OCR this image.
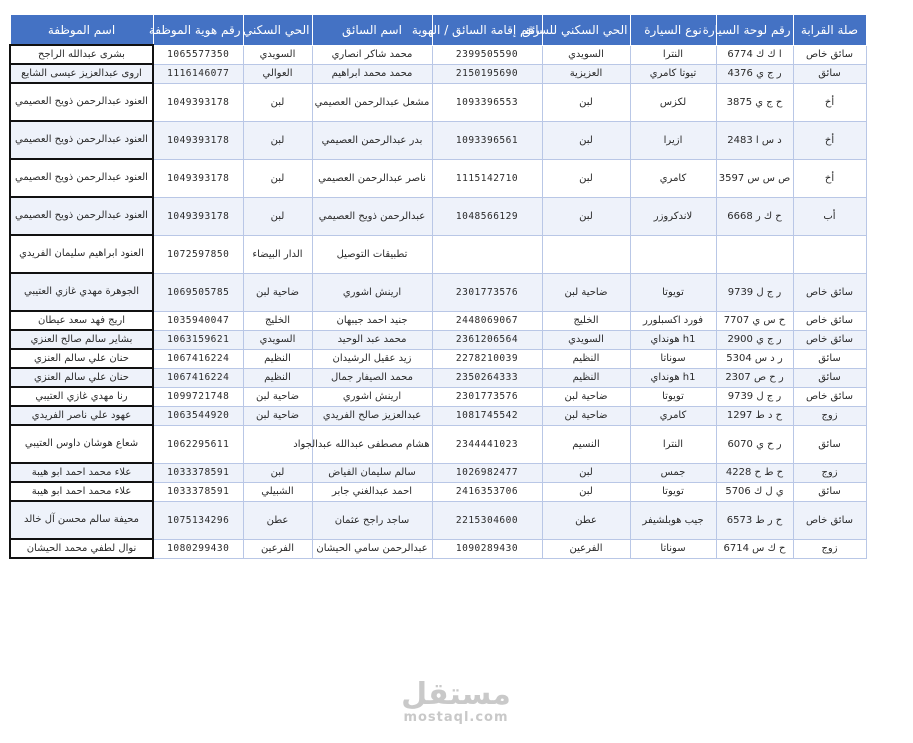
صلة القرابة	رقم لوحة السيارة	نوع السيارة	الحي السكني للسائق	رقم إقامة السائق / الهوية	اسم السائق	الحي السكني	رقم هوية الموظفة	اسم الموظفة
سائق خاص	ا ك ك 6774	النترا	السويدي	2399505590	محمد شاكر انصاري	السويدي	1065577350	بشرى عبدالله الراجح
سائق	ر ج ي 4376	تيوتا كامري	العزيزية	2150195690	محمد محمد ابراهيم	العوالي	1116146077	اروى عبدالعزيز عيسى الشايع
أخ	ح ج ي 3875	لكزس	لبن	1093396553	مشعل عبدالرحمن العصيمي	لبن	1049393178	العنود عبدالرحمن ذويح العصيمي
أخ	د س ا 2483	ازيرا	لبن	1093396561	بدر عبدالرحمن العصيمي	لبن	1049393178	العنود عبدالرحمن ذويح العصيمي
أخ	ص س س 3597	كامري	لبن	1115142710	ناصر عبدالرحمن العصيمي	لبن	1049393178	العنود عبدالرحمن ذويح العصيمي
أب	ح ك ر 6668	لاندكروزر	لبن	1048566129	عبدالرحمن ذويح العصيمي	لبن	1049393178	العنود عبدالرحمن ذويح العصيمي
					تطبيقات التوصيل	الدار البيضاء	1072597850	العنود ابراهيم سليمان الفريدي
سائق خاص	ر ج ل 9739	تويوتا	ضاحية لبن	2301773576	ارينش اشوري	ضاحية لبن	1069505785	الجوهرة مهدي غازي العتيبي
سائق خاص	ح س ي 7707	فورد اكسبلورر	الخليج	2448069067	جنيد احمد جيبهان	الخليج	1035940047	اريج فهد سعد عيطان
سائق خاص	ر ج ي 2900	h1 هونداي	السويدي	2361206564	محمد عبد الوحيد	السويدي	1063159621	بشاير سالم صالح العنزي
سائق	ر د س 5304	سوناتا	النظيم	2278210039	زيد عقيل الرشيدان	النظيم	1067416224	حنان علي سالم العنزي
سائق	ر ح ص 2307	h1 هونداي	النظيم	2350264333	محمد الصيفار جمال	النظيم	1067416224	حنان علي سالم العنزي
سائق خاص	ر ج ل 9739	تويوتا	ضاحية لبن	2301773576	ارينش اشوري	ضاحية لبن	1099721748	رنا مهدي غازي العتيبي
زوج	ح د ط 1297	كامري	ضاحية لبن	1081745542	عبدالعزيز صالح الفريدي	ضاحية لبن	1063544920	عهود علي ناصر الفريدي
سائق	ر ح ي 6070	النترا	النسيم	2344441023	هشام مصطفى عبدالله عبدالجواد		1062295611	شعاع هوشان داوس العتيبي
زوج	ح ط ح 4228	جمس	لبن	1026982477	سالم سليمان الفياض	لبن	1033378591	علاء محمد احمد ابو هيبة
سائق	ي ل ك 5706	تويوتا	لبن	2416353706	احمد عبدالغني جابر	الشبيلي	1033378591	علاء محمد احمد ابو هيبة
سائق خاص	ح ر ط 6573	جيب هوبلشيفر	عطن	2215304600	ساجد راجح عثمان	عطن	1075134296	محيفة سالم محسن آل خالد
زوج	ح ك س 6714	سوناتا	الفرعين	1090289430	عبدالرحمن سامي الحيشان	الفرعين	1080299430	نوال لطفي محمد الحيشان
مستقل
mostaql.com
